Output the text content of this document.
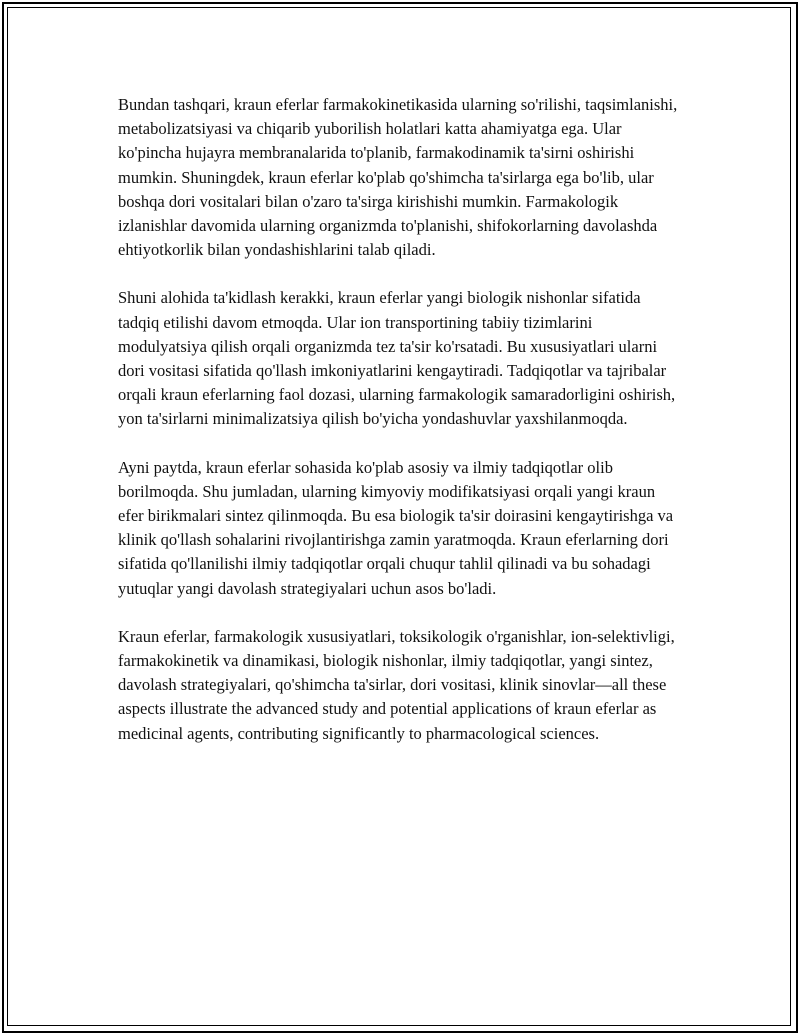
Bundan tashqari, kraun eferlar farmakokinetikasida ularning so'rilishi, taqsimlanishi, metabolizatsiyasi va chiqarib yuborilish holatlari katta ahamiyatga ega. Ular ko'pincha hujayra membranalarida to'planib, farmakodinamik ta'sirni oshirishi mumkin. Shuningdek, kraun eferlar ko'plab qo'shimcha ta'sirlarga ega bo'lib, ular boshqa dori vositalari bilan o'zaro ta'sirga kirishishi mumkin. Farmakologik izlanishlar davomida ularning organizmda to'planishi, shifokorlarning davolashda ehtiyotkorlik bilan yondashishlarini talab qiladi.

Shuni alohida ta'kidlash kerakki, kraun eferlar yangi biologik nishonlar sifatida tadqiq etilishi davom etmoqda. Ular ion transportining tabiiy tizimlarini modulyatsiya qilish orqali organizmda tez ta'sir ko'rsatadi. Bu xususiyatlari ularni dori vositasi sifatida qo'llash imkoniyatlarini kengaytiradi. Tadqiqotlar va tajribalar orqali kraun eferlarning faol dozasi, ularning farmakologik samaradorligini oshirish, yon ta'sirlarni minimalizatsiya qilish bo'yicha yondashuvlar yaxshilanmoqda.

Ayni paytda, kraun eferlar sohasida ko'plab asosiy va ilmiy tadqiqotlar olib borilmoqda. Shu jumladan, ularning kimyoviy modifikatsiyasi orqali yangi kraun efer birikmalari sintez qilinmoqda. Bu esa biologik ta'sir doirasini kengaytirishga va klinik qo'llash sohalarini rivojlantirishga zamin yaratmoqda. Kraun eferlarning dori sifatida qo'llanilishi ilmiy tadqiqotlar orqali chuqur tahlil qilinadi va bu sohadagi yutuqlar yangi davolash strategiyalari uchun asos bo'ladi.

Kraun eferlar, farmakologik xususiyatlari, toksikologik o'rganishlar, ion-selektivligi, farmakokinetik va dinamikasi, biologik nishonlar, ilmiy tadqiqotlar, yangi sintez, davolash strategiyalari, qo'shimcha ta'sirlar, dori vositasi, klinik sinovlar—all these aspects illustrate the advanced study and potential applications of kraun eferlar as medicinal agents, contributing significantly to pharmacological sciences.
